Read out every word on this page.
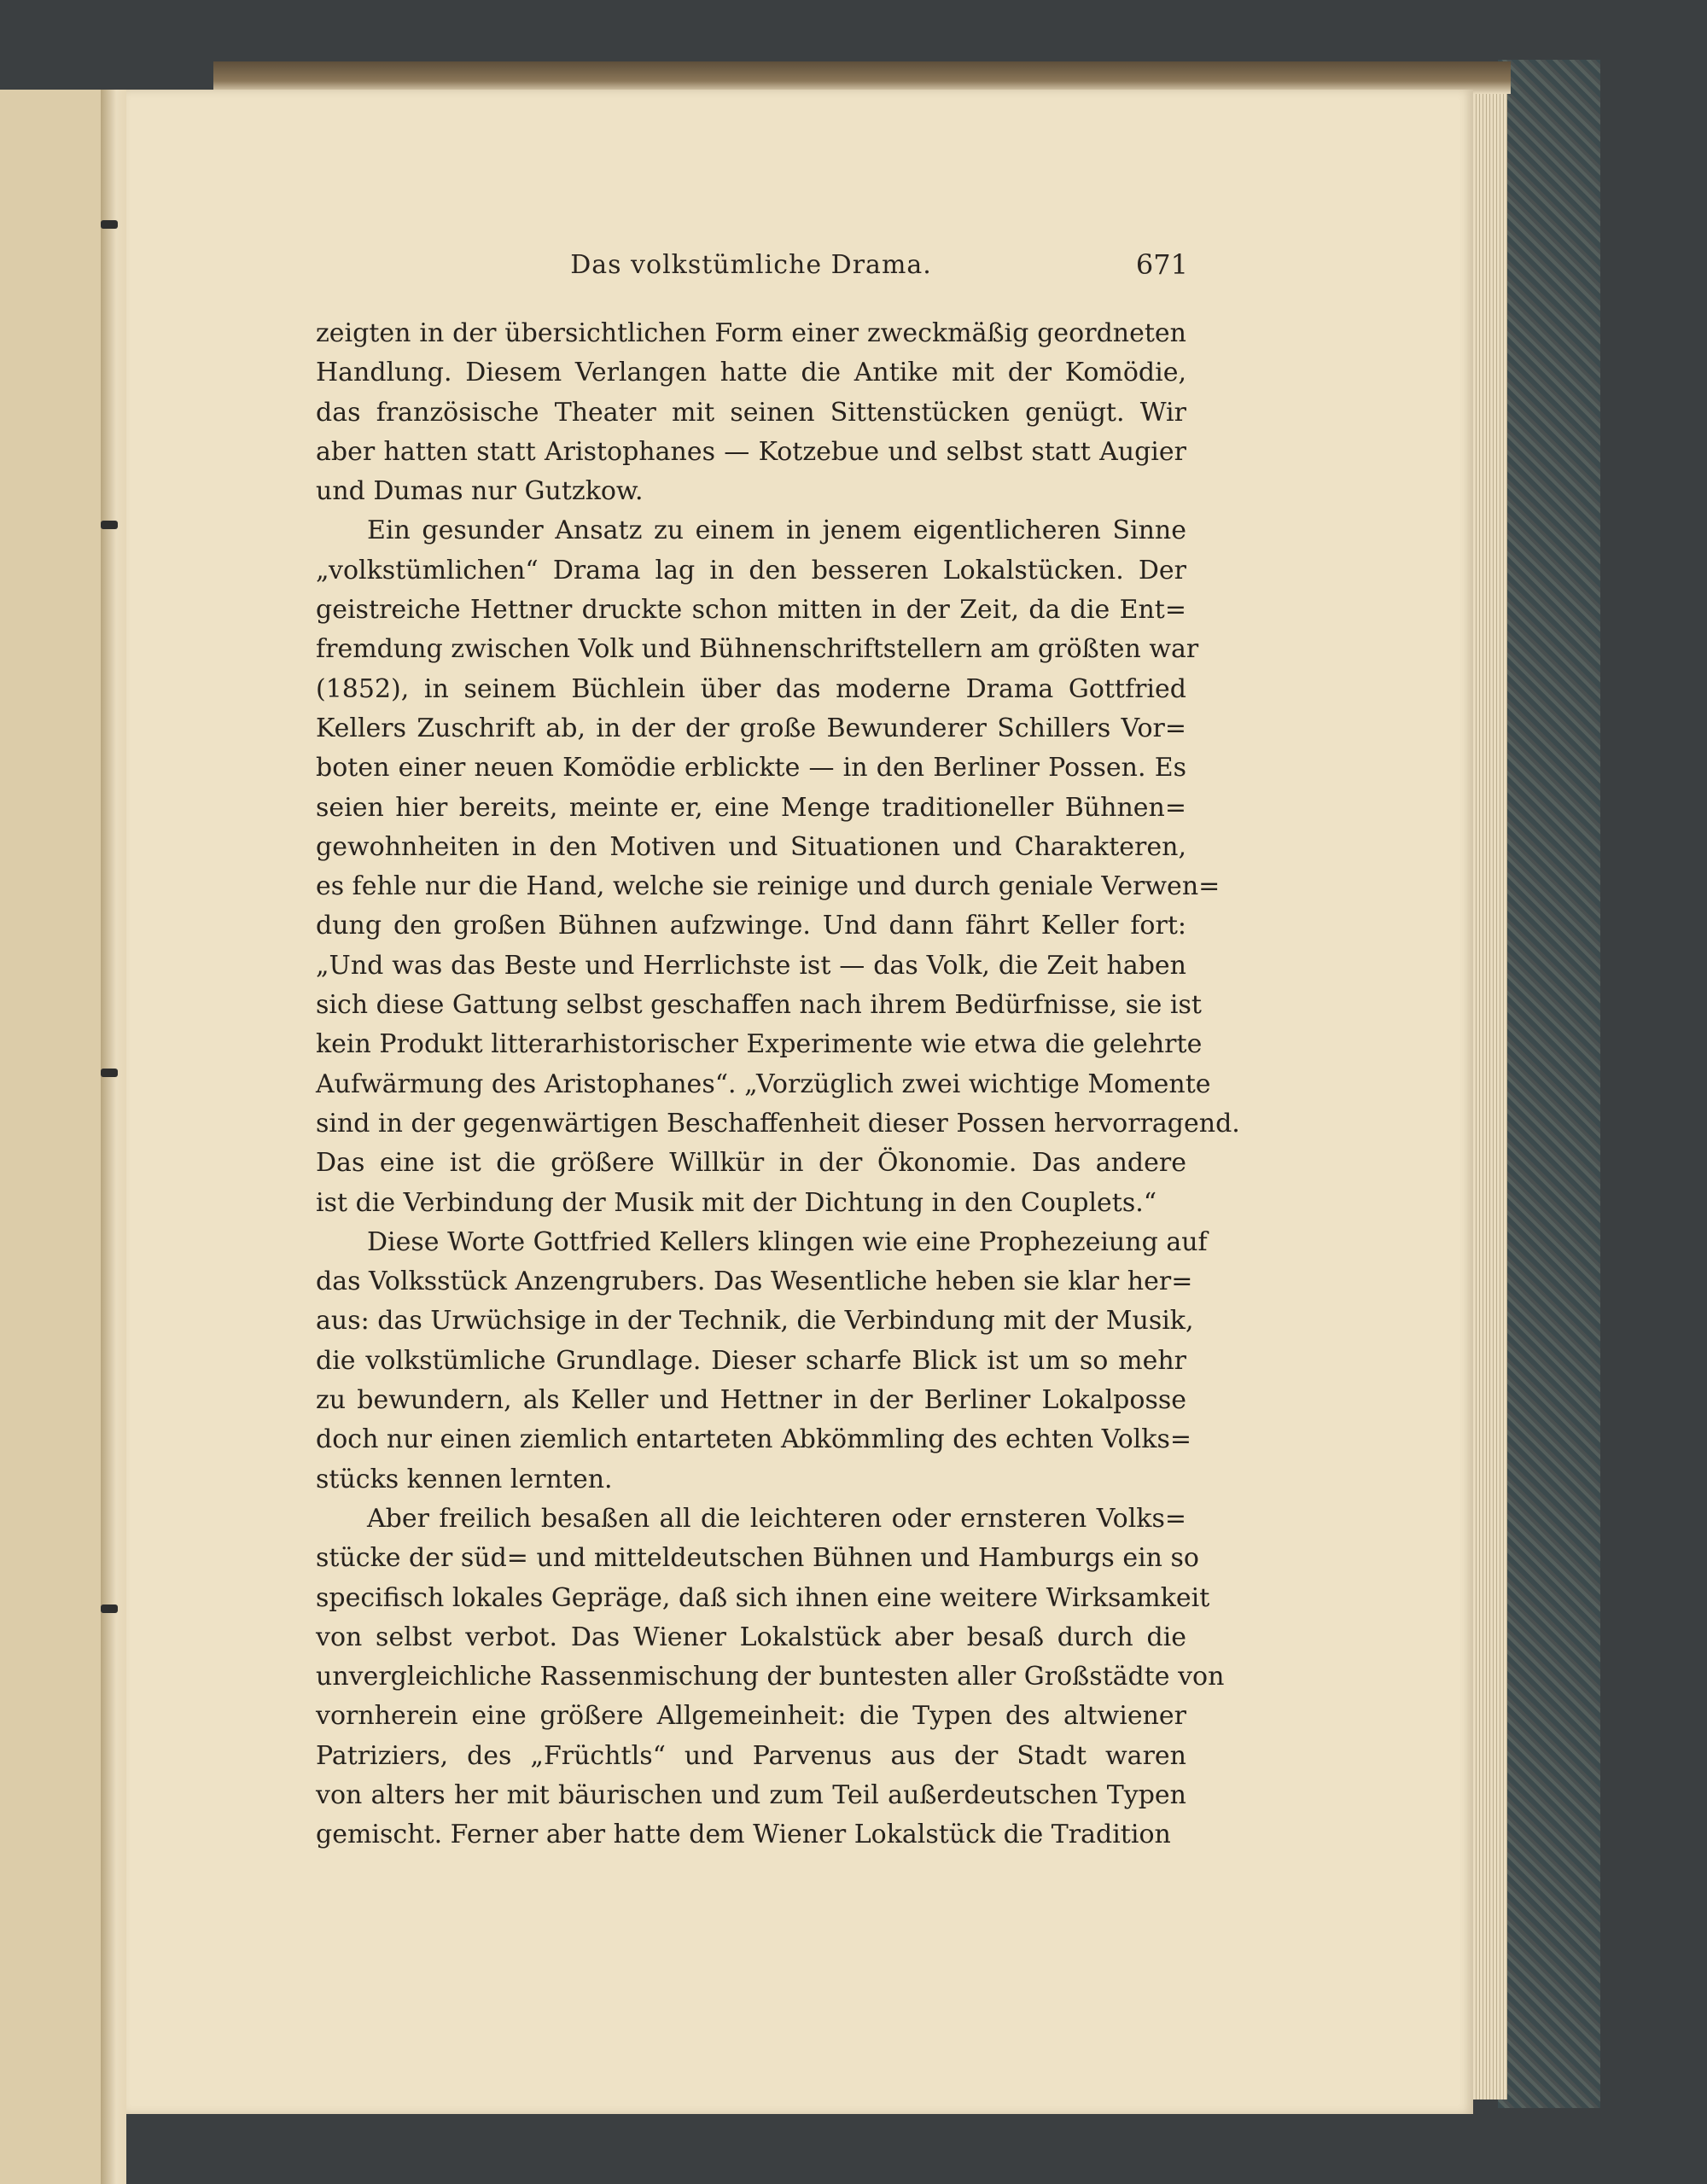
Das volkstümliche Drama.	671
zeigten in der übersichtlichen Form einer zweckmäßig geordneten
Handlung. Diesem Verlangen hatte die Antike mit der Komödie,
das französische Theater mit seinen Sittenstücken genügt. Wir
aber hatten statt Aristophanes — Kotzebue und selbst statt Augier
und Dumas nur Gutzkow.
Ein gesunder Ansatz zu einem in jenem eigentlicheren Sinne
„volkstümlichen“ Drama lag in den besseren Lokalstücken. Der
geistreiche Hettner druckte schon mitten in der Zeit, da die Ent=
fremdung zwischen Volk und Bühnenschriftstellern am größten war
(1852), in seinem Büchlein über das moderne Drama Gottfried
Kellers Zuschrift ab, in der der große Bewunderer Schillers Vor=
boten einer neuen Komödie erblickte — in den Berliner Possen. Es
seien hier bereits, meinte er, eine Menge traditioneller Bühnen=
gewohnheiten in den Motiven und Situationen und Charakteren,
es fehle nur die Hand, welche sie reinige und durch geniale Verwen=
dung den großen Bühnen aufzwinge. Und dann fährt Keller fort:
„Und was das Beste und Herrlichste ist — das Volk, die Zeit haben
sich diese Gattung selbst geschaffen nach ihrem Bedürfnisse, sie ist
kein Produkt litterarhistorischer Experimente wie etwa die gelehrte
Aufwärmung des Aristophanes“. „Vorzüglich zwei wichtige Momente
sind in der gegenwärtigen Beschaffenheit dieser Possen hervorragend.
Das eine ist die größere Willkür in der Ökonomie. Das andere
ist die Verbindung der Musik mit der Dichtung in den Couplets.“
Diese Worte Gottfried Kellers klingen wie eine Prophezeiung auf
das Volksstück Anzengrubers. Das Wesentliche heben sie klar her=
aus: das Urwüchsige in der Technik, die Verbindung mit der Musik,
die volkstümliche Grundlage. Dieser scharfe Blick ist um so mehr
zu bewundern, als Keller und Hettner in der Berliner Lokalposse
doch nur einen ziemlich entarteten Abkömmling des echten Volks=
stücks kennen lernten.
Aber freilich besaßen all die leichteren oder ernsteren Volks=
stücke der süd= und mitteldeutschen Bühnen und Hamburgs ein so
specifisch lokales Gepräge, daß sich ihnen eine weitere Wirksamkeit
von selbst verbot. Das Wiener Lokalstück aber besaß durch die
unvergleichliche Rassenmischung der buntesten aller Großstädte von
vornherein eine größere Allgemeinheit: die Typen des altwiener
Patriziers, des „Früchtls“ und Parvenus aus der Stadt waren
von alters her mit bäurischen und zum Teil außerdeutschen Typen
gemischt. Ferner aber hatte dem Wiener Lokalstück die Tradition
